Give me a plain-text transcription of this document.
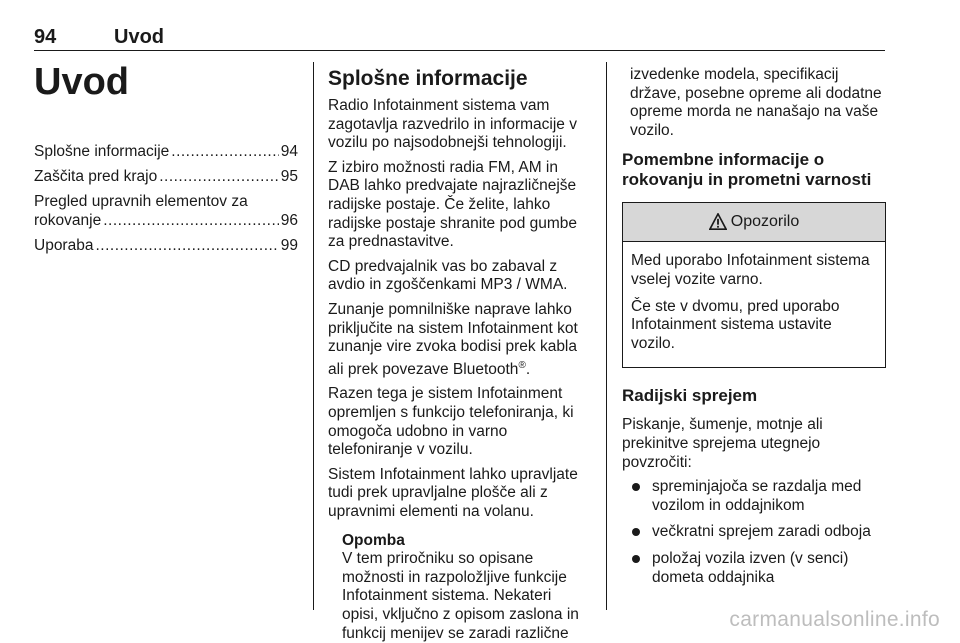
94	Uvod
Uvod
Splošne informacije .....	94
Zaščita pred krajo .....	95
Pregled upravnih elementov za
rokovanje .....	96
Uporaba .....	99
Splošne informacije

Radio Infotainment sistema vam zagotavlja razvedrilo in informacije v vozilu po najsodobnejši tehnologiji.

Z izbiro možnosti radia FM, AM in DAB lahko predvajate najrazličnejše radijske postaje. Če želite, lahko radijske postaje shranite pod gumbe za prednastavitve.

CD predvajalnik vas bo zabaval z avdio in zgoščenkami MP3 / WMA.

Zunanje pomnilniške naprave lahko priključite na sistem Infotainment kot zunanje vire zvoka bodisi prek kabla ali prek povezave Bluetooth®.

Razen tega je sistem Infotainment opremljen s funkcijo telefoniranja, ki omogoča udobno in varno telefoniranje v vozilu.

Sistem Infotainment lahko upravljate tudi prek upravljalne plošče ali z upravnimi elementi na volanu.

Opomba

V tem priročniku so opisane možnosti in razpoložljive funkcije Infotainment sistema. Nekateri opisi, vključno z opisom zaslona in funkcij menijev se zaradi različne

izvedenke modela, specifikacij države, posebne opreme ali dodatne opreme morda ne nanašajo na vaše vozilo.

Pomembne informacije o rokovanju in prometni varnosti
Opozorilo

Med uporabo Infotainment sistema vselej vozite varno.

Če ste v dvomu, pred uporabo Infotainment sistema ustavite vozilo.

Radijski sprejem

Piskanje, šumenje, motnje ali prekinitve sprejema utegnejo povzročiti:

spreminjajoča se razdalja med vozilom in oddajnikom
večkratni sprejem zaradi odboja
položaj vozila izven (v senci) dometa oddajnika
carmanualsonline.info
